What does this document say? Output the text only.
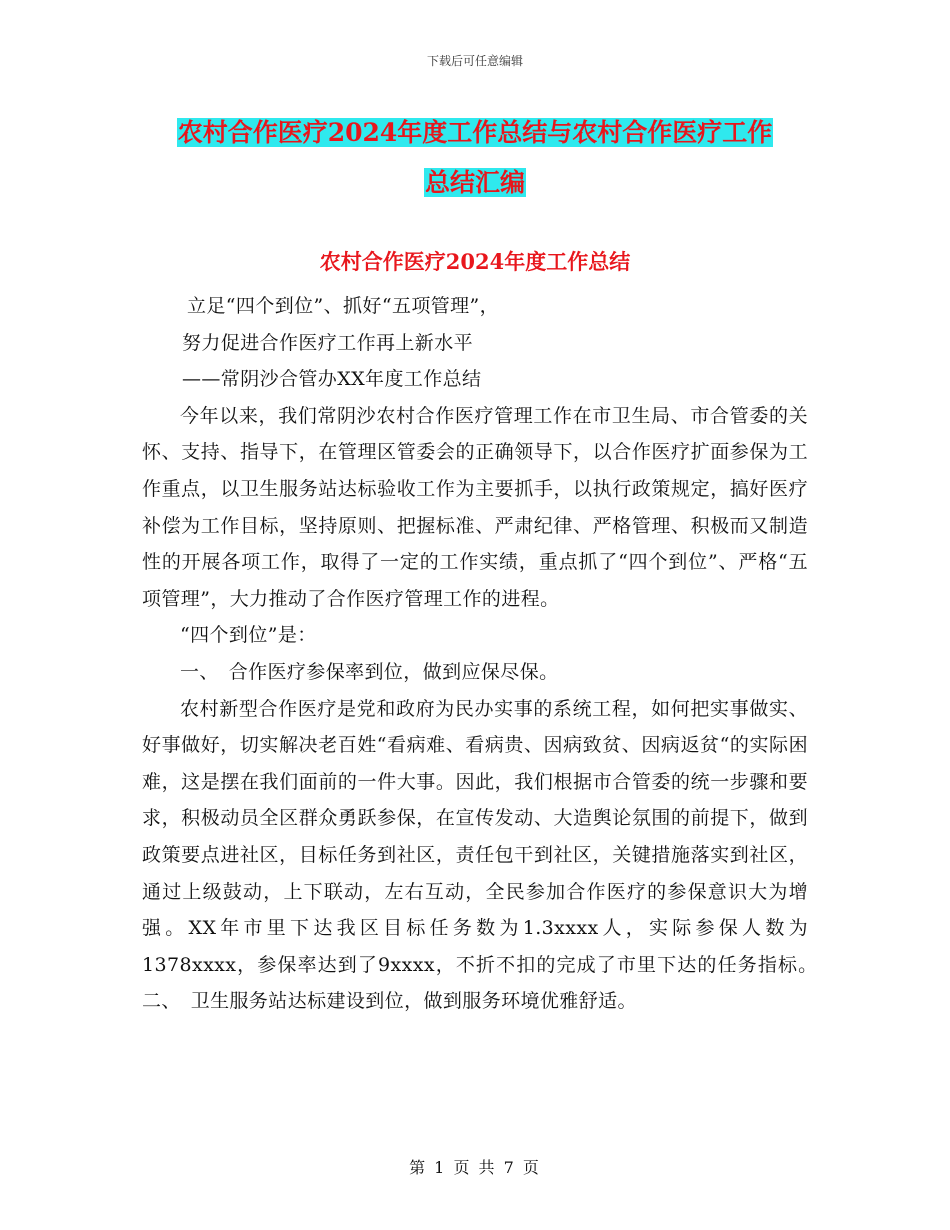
下载后可任意编辑
农村合作医疗2024年度工作总结与农村合作医疗工作
总结汇编
农村合作医疗2024年度工作总结

立足“四个到位”、抓好“五项管理”，

努力促进合作医疗工作再上新水平

——常阴沙合管办XX年度工作总结

今年以来，我们常阴沙农村合作医疗管理工作在市卫生局、市合管委的关怀、支持、指导下，在管理区管委会的正确领导下，以合作医疗扩面参保为工作重点，以卫生服务站达标验收工作为主要抓手，以执行政策规定，搞好医疗补偿为工作目标，坚持原则、把握标准、严肃纪律、严格管理、积极而又制造性的开展各项工作，取得了一定的工作实绩，重点抓了“四个到位”、严格“五项管理”，大力推动了合作医疗管理工作的进程。

“四个到位”是：

一、　合作医疗参保率到位，做到应保尽保。

农村新型合作医疗是党和政府为民办实事的系统工程，如何把实事做实、好事做好，切实解决老百姓“看病难、看病贵、因病致贫、因病返贫“的实际困难，这是摆在我们面前的一件大事。因此，我们根据市合管委的统一步骤和要求，积极动员全区群众勇跃参保，在宣传发动、大造舆论氛围的前提下，做到政策要点进社区，目标任务到社区，责任包干到社区，关键措施落实到社区，通过上级鼓动，上下联动，左右互动，全民参加合作医疗的参保意识大为增强。XX年市里下达我区目标任务数为1.3xxxx人，实际参保人数为1378xxxx，参保率达到了9xxxx，不折不扣的完成了市里下达的任务指标。　　二、　卫生服务站达标建设到位，做到服务环境优雅舒适。

第 1 页 共 7 页
